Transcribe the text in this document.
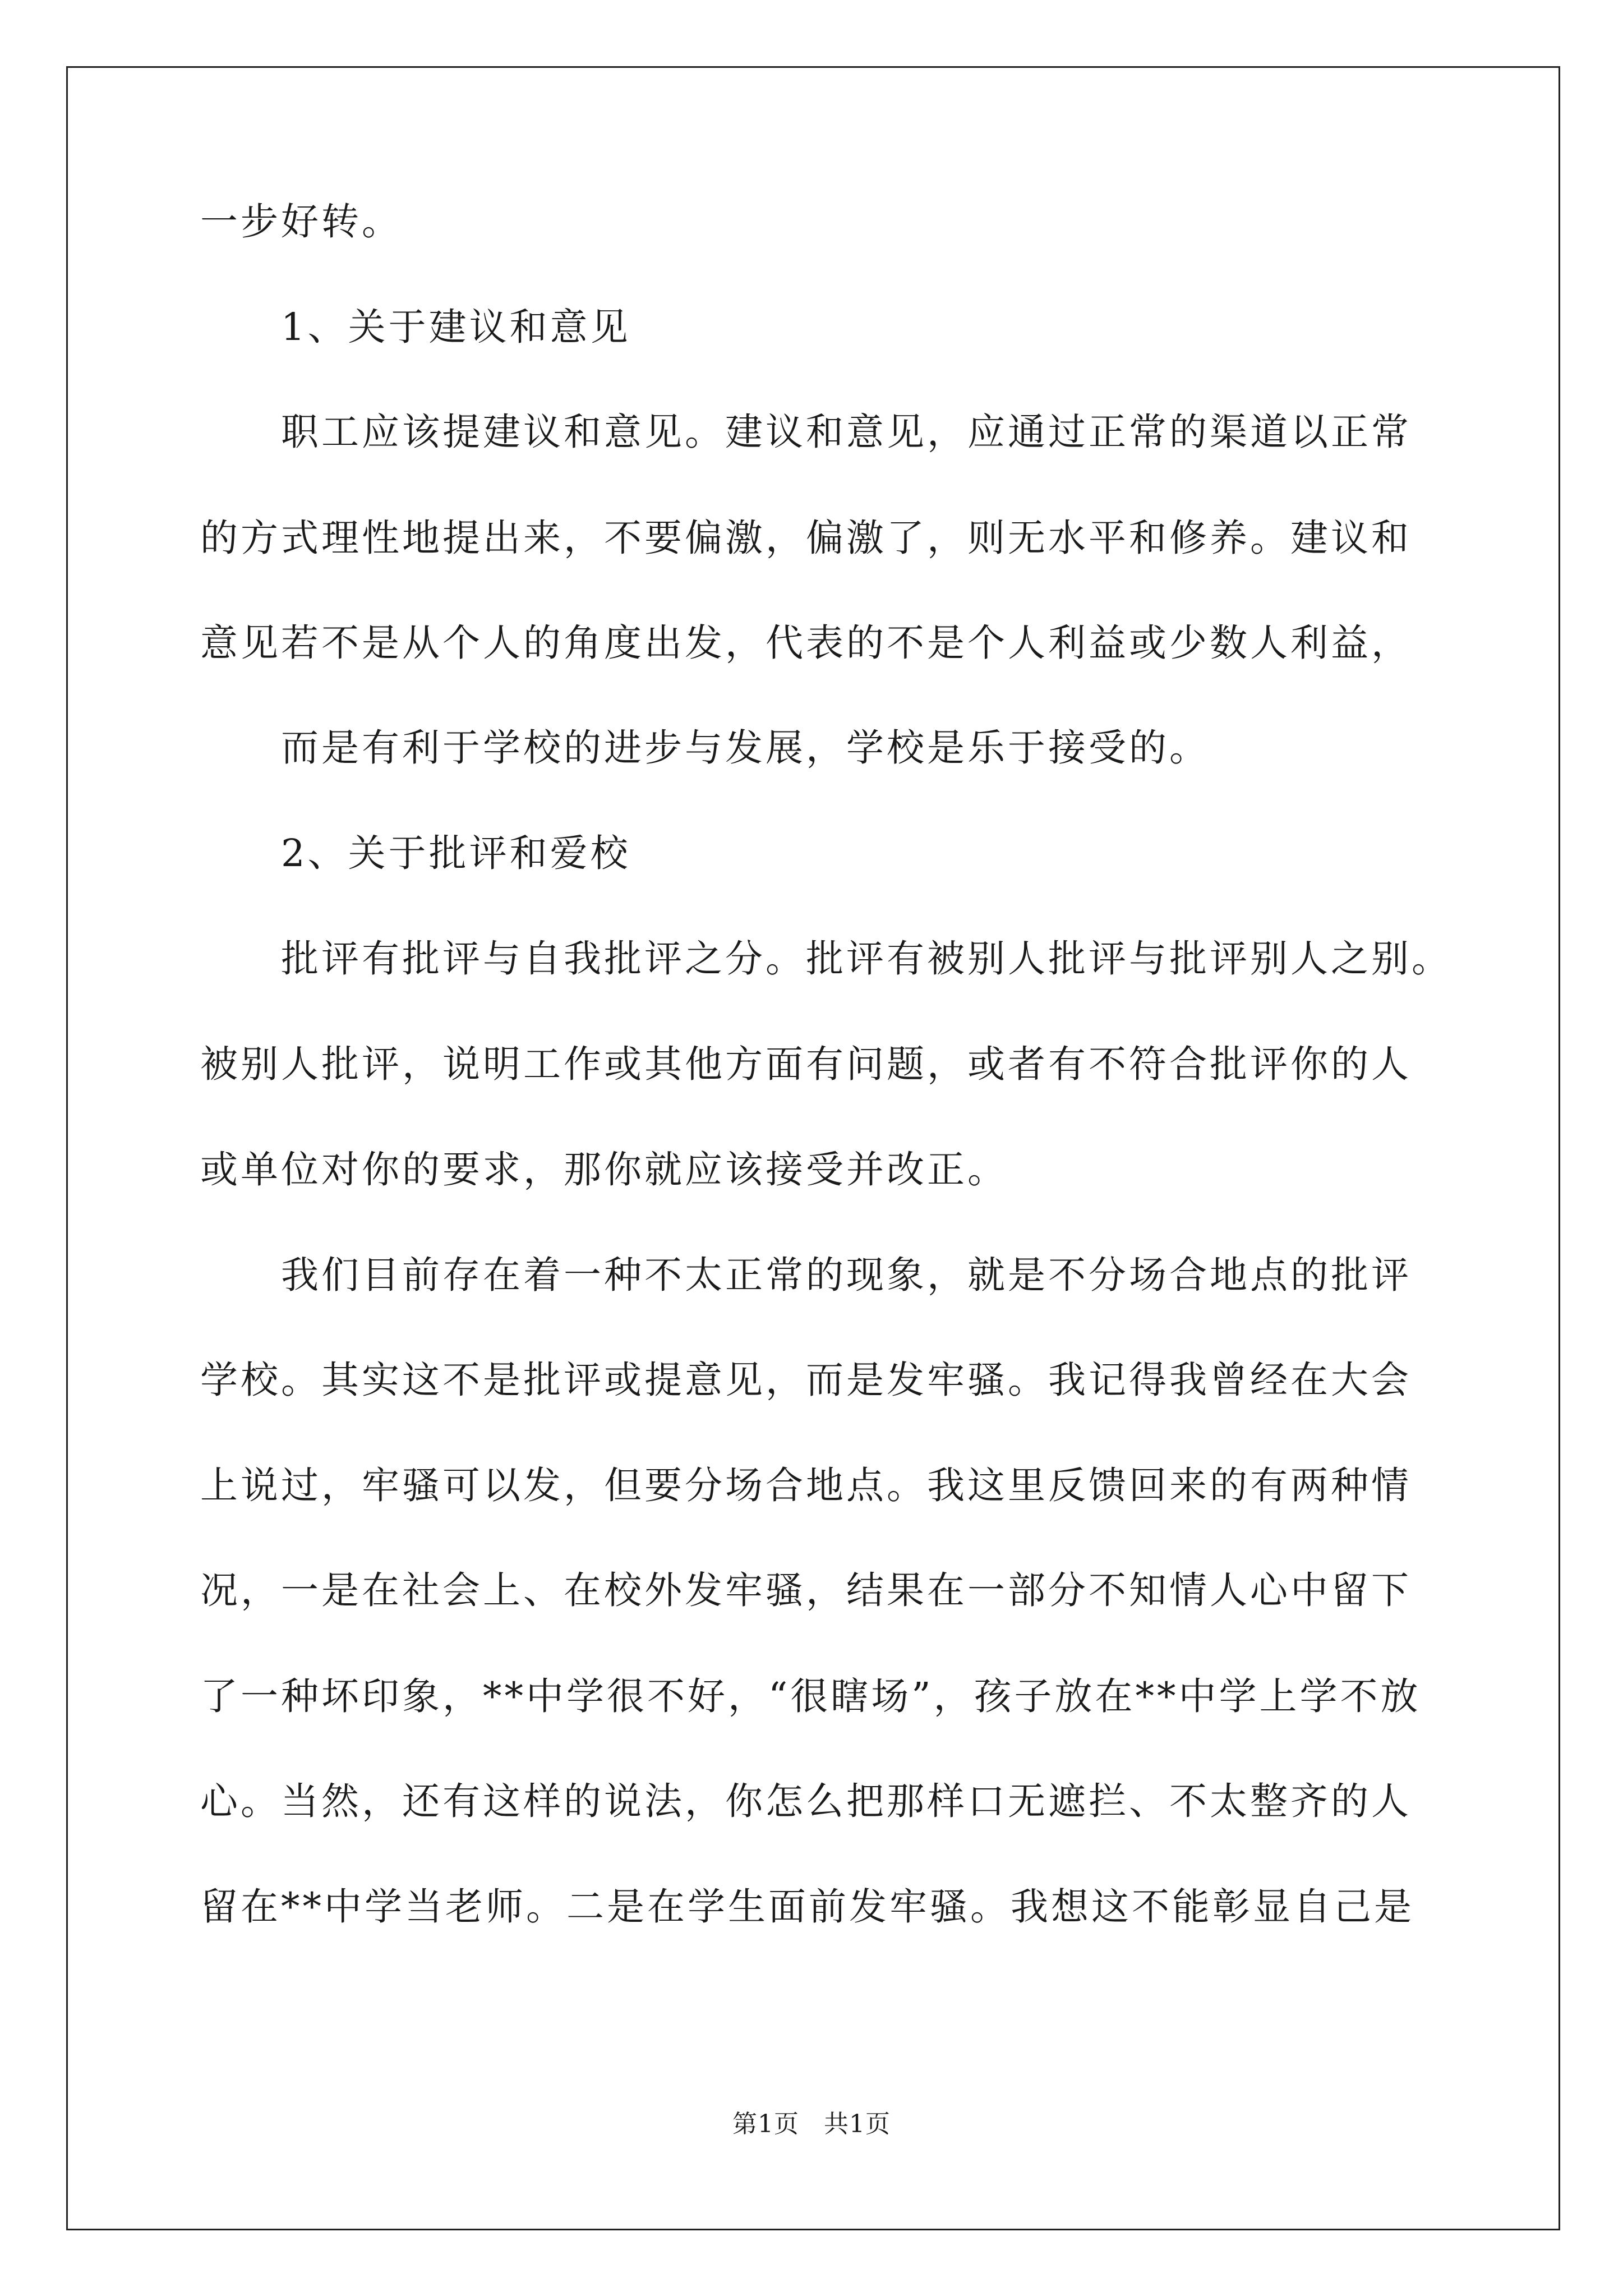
一步好转。
1、关于建议和意见
职工应该提建议和意见。建议和意见，应通过正常的渠道以正常
的方式理性地提出来，不要偏激，偏激了，则无水平和修养。建议和
意见若不是从个人的角度出发，代表的不是个人利益或少数人利益，
而是有利于学校的进步与发展，学校是乐于接受的。
2、关于批评和爱校
批评有批评与自我批评之分。批评有被别人批评与批评别人之别。
被别人批评，说明工作或其他方面有问题，或者有不符合批评你的人
或单位对你的要求，那你就应该接受并改正。
我们目前存在着一种不太正常的现象，就是不分场合地点的批评
学校。其实这不是批评或提意见，而是发牢骚。我记得我曾经在大会
上说过，牢骚可以发，但要分场合地点。我这里反馈回来的有两种情
况，一是在社会上、在校外发牢骚，结果在一部分不知情人心中留下
了一种坏印象，**中学很不好，“很瞎场”，孩子放在**中学上学不放
心。当然，还有这样的说法，你怎么把那样口无遮拦、不太整齐的人
留在**中学当老师。二是在学生面前发牢骚。我想这不能彰显自己是
第1页 共1页
